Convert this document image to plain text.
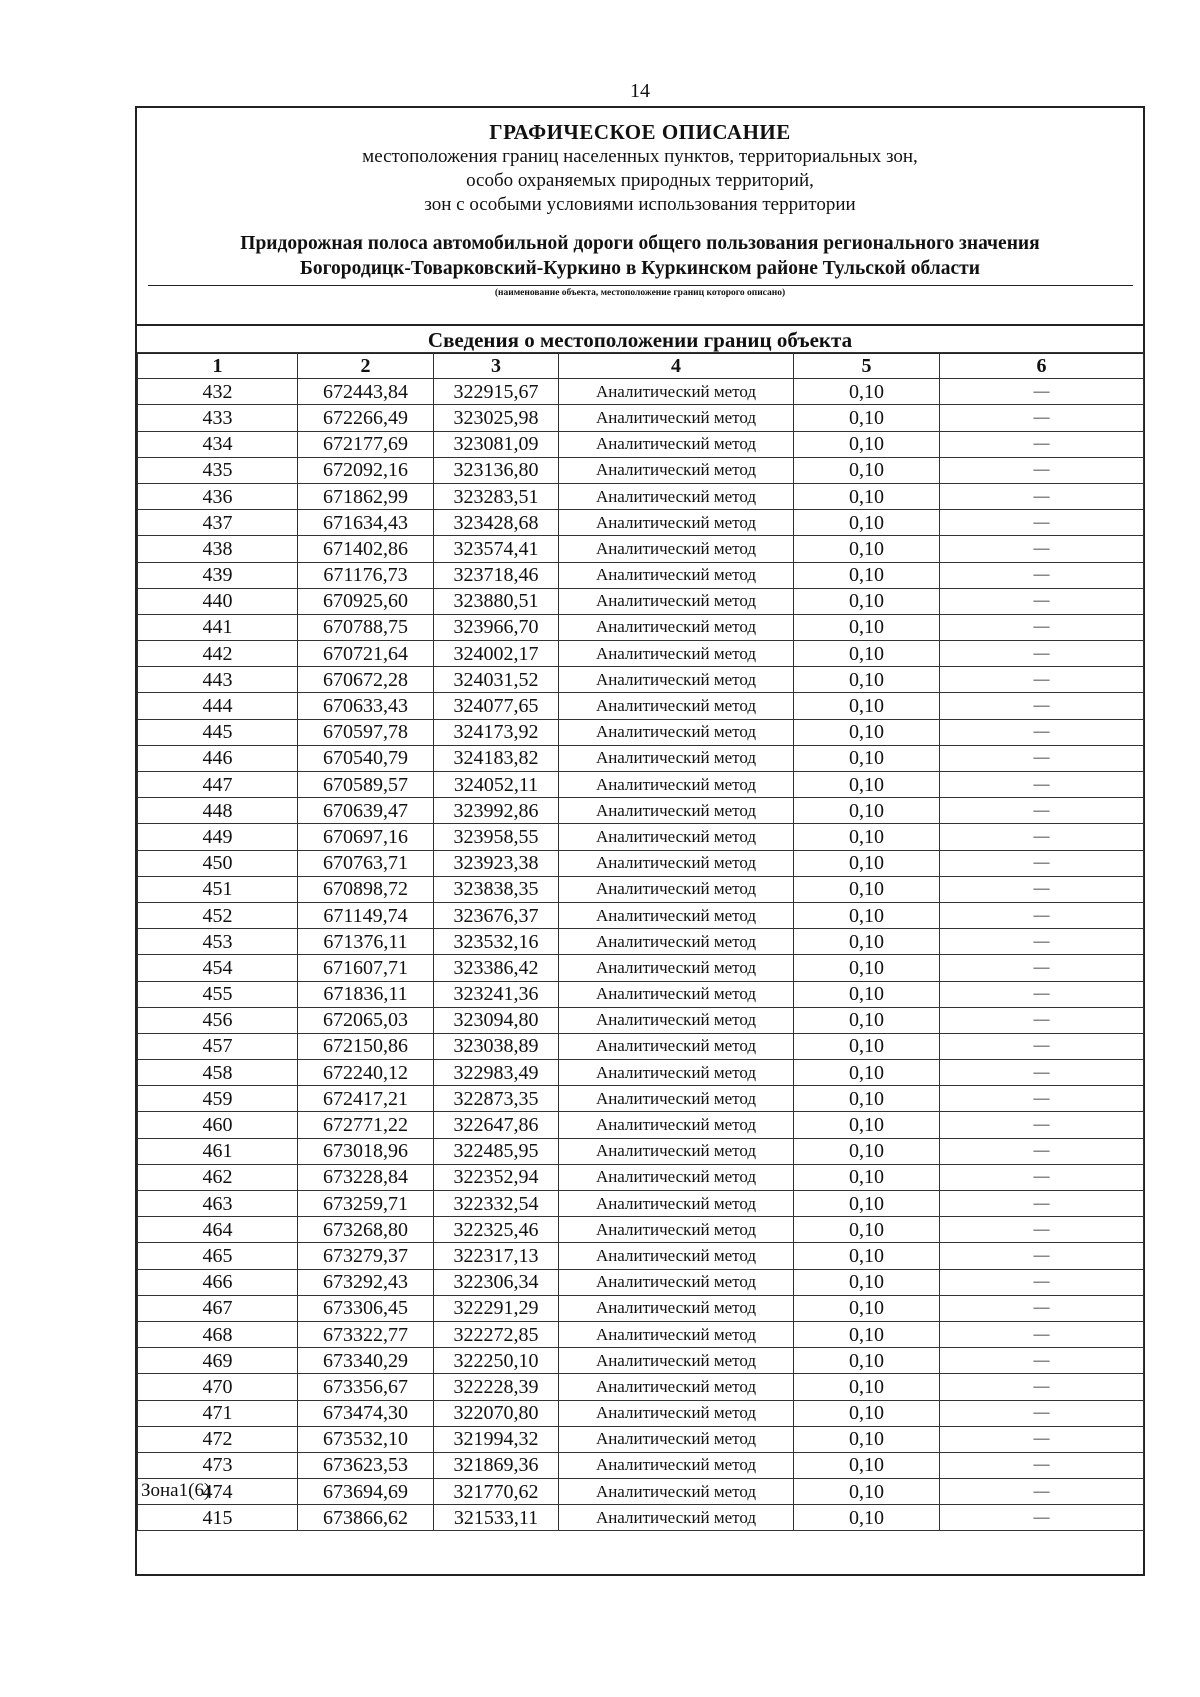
14
ГРАФИЧЕСКОЕ ОПИСАНИЕ
местоположения границ населенных пунктов, территориальных зон,
особо охраняемых природных территорий,
зон с особыми условиями использования территории
Придорожная полоса автомобильной дороги общего пользования регионального значения
Богородицк-Товарковский-Куркино в Куркинском районе Тульской области
(наименование объекта, местоположение границ которого описано)
Сведения о местоположении границ объекта
1	2	3	4	5	6
432	672443,84	322915,67	Аналитический метод	0,10	—
433	672266,49	323025,98	Аналитический метод	0,10	—
434	672177,69	323081,09	Аналитический метод	0,10	—
435	672092,16	323136,80	Аналитический метод	0,10	—
436	671862,99	323283,51	Аналитический метод	0,10	—
437	671634,43	323428,68	Аналитический метод	0,10	—
438	671402,86	323574,41	Аналитический метод	0,10	—
439	671176,73	323718,46	Аналитический метод	0,10	—
440	670925,60	323880,51	Аналитический метод	0,10	—
441	670788,75	323966,70	Аналитический метод	0,10	—
442	670721,64	324002,17	Аналитический метод	0,10	—
443	670672,28	324031,52	Аналитический метод	0,10	—
444	670633,43	324077,65	Аналитический метод	0,10	—
445	670597,78	324173,92	Аналитический метод	0,10	—
446	670540,79	324183,82	Аналитический метод	0,10	—
447	670589,57	324052,11	Аналитический метод	0,10	—
448	670639,47	323992,86	Аналитический метод	0,10	—
449	670697,16	323958,55	Аналитический метод	0,10	—
450	670763,71	323923,38	Аналитический метод	0,10	—
451	670898,72	323838,35	Аналитический метод	0,10	—
452	671149,74	323676,37	Аналитический метод	0,10	—
453	671376,11	323532,16	Аналитический метод	0,10	—
454	671607,71	323386,42	Аналитический метод	0,10	—
455	671836,11	323241,36	Аналитический метод	0,10	—
456	672065,03	323094,80	Аналитический метод	0,10	—
457	672150,86	323038,89	Аналитический метод	0,10	—
458	672240,12	322983,49	Аналитический метод	0,10	—
459	672417,21	322873,35	Аналитический метод	0,10	—
460	672771,22	322647,86	Аналитический метод	0,10	—
461	673018,96	322485,95	Аналитический метод	0,10	—
462	673228,84	322352,94	Аналитический метод	0,10	—
463	673259,71	322332,54	Аналитический метод	0,10	—
464	673268,80	322325,46	Аналитический метод	0,10	—
465	673279,37	322317,13	Аналитический метод	0,10	—
466	673292,43	322306,34	Аналитический метод	0,10	—
467	673306,45	322291,29	Аналитический метод	0,10	—
468	673322,77	322272,85	Аналитический метод	0,10	—
469	673340,29	322250,10	Аналитический метод	0,10	—
470	673356,67	322228,39	Аналитический метод	0,10	—
471	673474,30	322070,80	Аналитический метод	0,10	—
472	673532,10	321994,32	Аналитический метод	0,10	—
473	673623,53	321869,36	Аналитический метод	0,10	—
474	673694,69	321770,62	Аналитический метод	0,10	—
415	673866,62	321533,11	Аналитический метод	0,10	—
Зона1(6)
